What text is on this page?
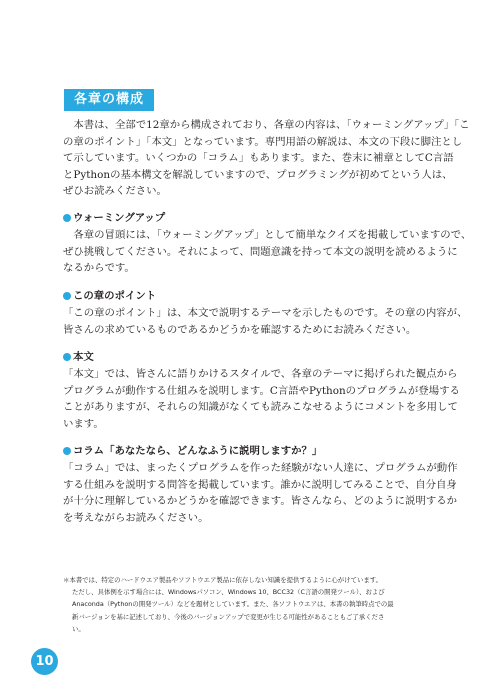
各章の構成
　本書は、全部で12章から構成されており、各章の内容は、「ウォーミングアップ」「こ
の章のポイント」「本文」となっています。専門用語の解説は、本文の下段に脚注とし
て示しています。いくつかの「コラム」もあります。また、巻末に補章としてC言語
とPythonの基本構文を解説していますので、プログラミングが初めてという人は、
ぜひお読みください。
ウォーミングアップ
　各章の冒頭には、「ウォーミングアップ」として簡単なクイズを掲載していますので、
ぜひ挑戦してください。それによって、問題意識を持って本文の説明を読めるように
なるからです。
この章のポイント
「この章のポイント」は、本文で説明するテーマを示したものです。その章の内容が、
皆さんの求めているものであるかどうかを確認するためにお読みください。
本文
「本文」では、皆さんに語りかけるスタイルで、各章のテーマに掲げられた観点から
プログラムが動作する仕組みを説明します。C言語やPythonのプログラムが登場する
ことがありますが、それらの知識がなくても読みこなせるようにコメントを多用して
います。
コラム「あなたなら、どんなふうに説明しますか？」
「コラム」では、まったくプログラムを作った経験がない人達に、プログラムが動作
する仕組みを説明する問答を掲載しています。誰かに説明してみることで、自分自身
が十分に理解しているかどうかを確認できます。皆さんなら、どのように説明するか
を考えながらお読みください。
＊本書では、特定のハードウエア製品やソフトウエア製品に依存しない知識を提供するように心がけています。
ただし、具体例を示す場合には、Windowsパソコン、Windows 10、BCC32（C言語の開発ツール）、および
Anaconda（Pythonの開発ツール）などを題材としています。また、各ソフトウエアは、本書の執筆時点での最
新バージョンを基に記述しており、今後のバージョンアップで変更が生じる可能性があることもご了承くださ
い。
10
